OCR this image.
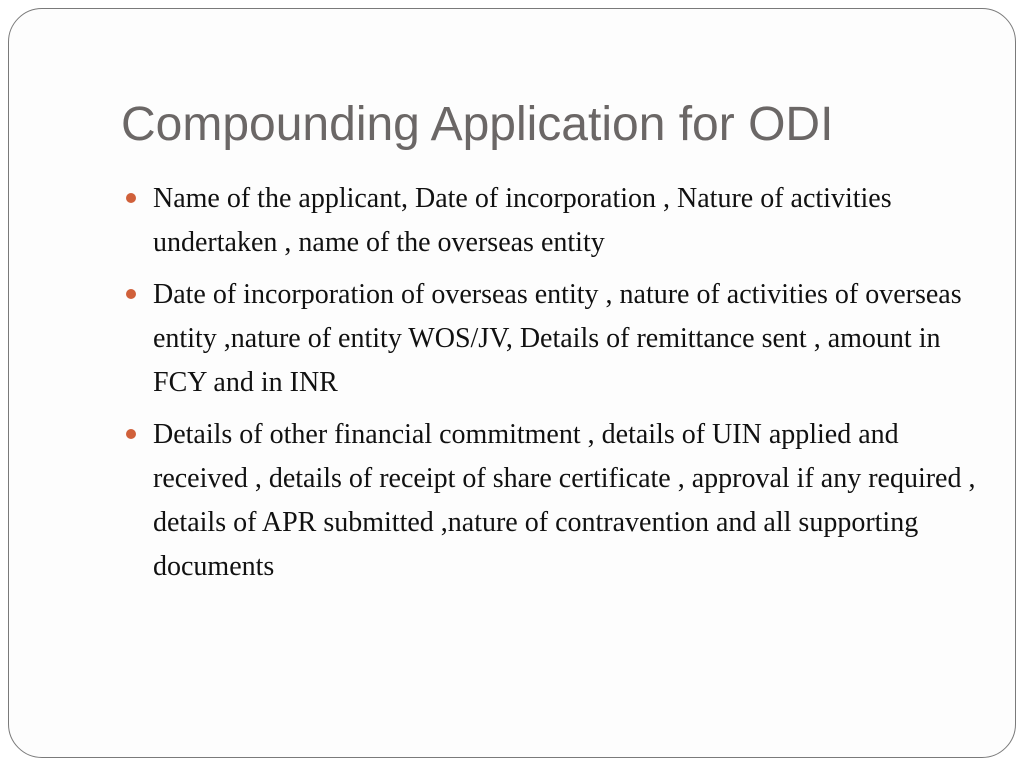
Compounding Application for ODI
Name of the applicant, Date of incorporation , Nature of activities undertaken , name of the overseas entity
Date of incorporation of overseas entity , nature of activities of overseas entity ,nature of entity WOS/JV, Details of remittance sent , amount in FCY and in INR
Details of other financial commitment , details of UIN applied and received , details of receipt of share certificate , approval if any required , details of APR submitted ,nature of contravention and all supporting documents
